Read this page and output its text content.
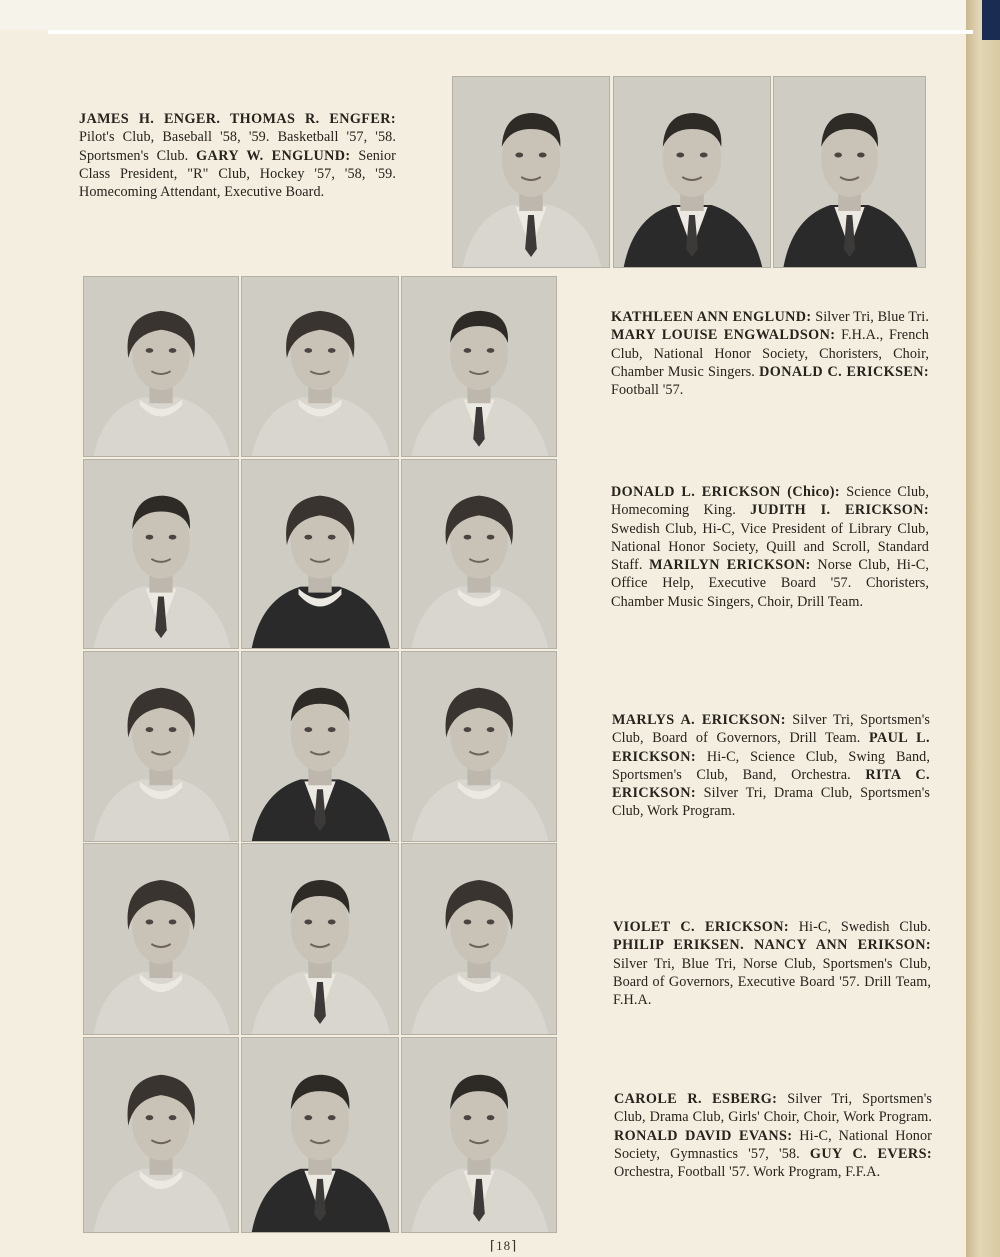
JAMES H. ENGER. THOMAS R. ENGFER: Pilot's Club, Baseball '58, '59. Basketball '57, '58. Sportsmen's Club. GARY W. ENGLUND: Senior Class President, "R" Club, Hockey '57, '58, '59. Homecoming Attendant, Executive Board.
KATHLEEN ANN ENGLUND: Silver Tri, Blue Tri. MARY LOUISE ENGWALDSON: F.H.A., French Club, National Honor Society, Choristers, Choir, Chamber Music Singers. DONALD C. ERICKSEN: Football '57.
DONALD L. ERICKSON (Chico): Science Club, Homecoming King. JUDITH I. ERICKSON: Swedish Club, Hi-C, Vice President of Library Club, National Honor Society, Quill and Scroll, Standard Staff. MARILYN ERICKSON: Norse Club, Hi-C, Office Help, Executive Board '57. Choristers, Chamber Music Singers, Choir, Drill Team.
MARLYS A. ERICKSON: Silver Tri, Sportsmen's Club, Board of Governors, Drill Team. PAUL L. ERICKSON: Hi-C, Science Club, Swing Band, Sportsmen's Club, Band, Orchestra. RITA C. ERICKSON: Silver Tri, Drama Club, Sportsmen's Club, Work Program.
VIOLET C. ERICKSON: Hi-C, Swedish Club. PHILIP ERIKSEN. NANCY ANN ERIKSON: Silver Tri, Blue Tri, Norse Club, Sportsmen's Club, Board of Governors, Executive Board '57. Drill Team, F.H.A.
CAROLE R. ESBERG: Silver Tri, Sportsmen's Club, Drama Club, Girls' Choir, Choir, Work Program. RONALD DAVID EVANS: Hi-C, National Honor Society, Gymnastics '57, '58. GUY C. EVERS: Orchestra, Football '57. Work Program, F.F.A.
⌈18⌉
